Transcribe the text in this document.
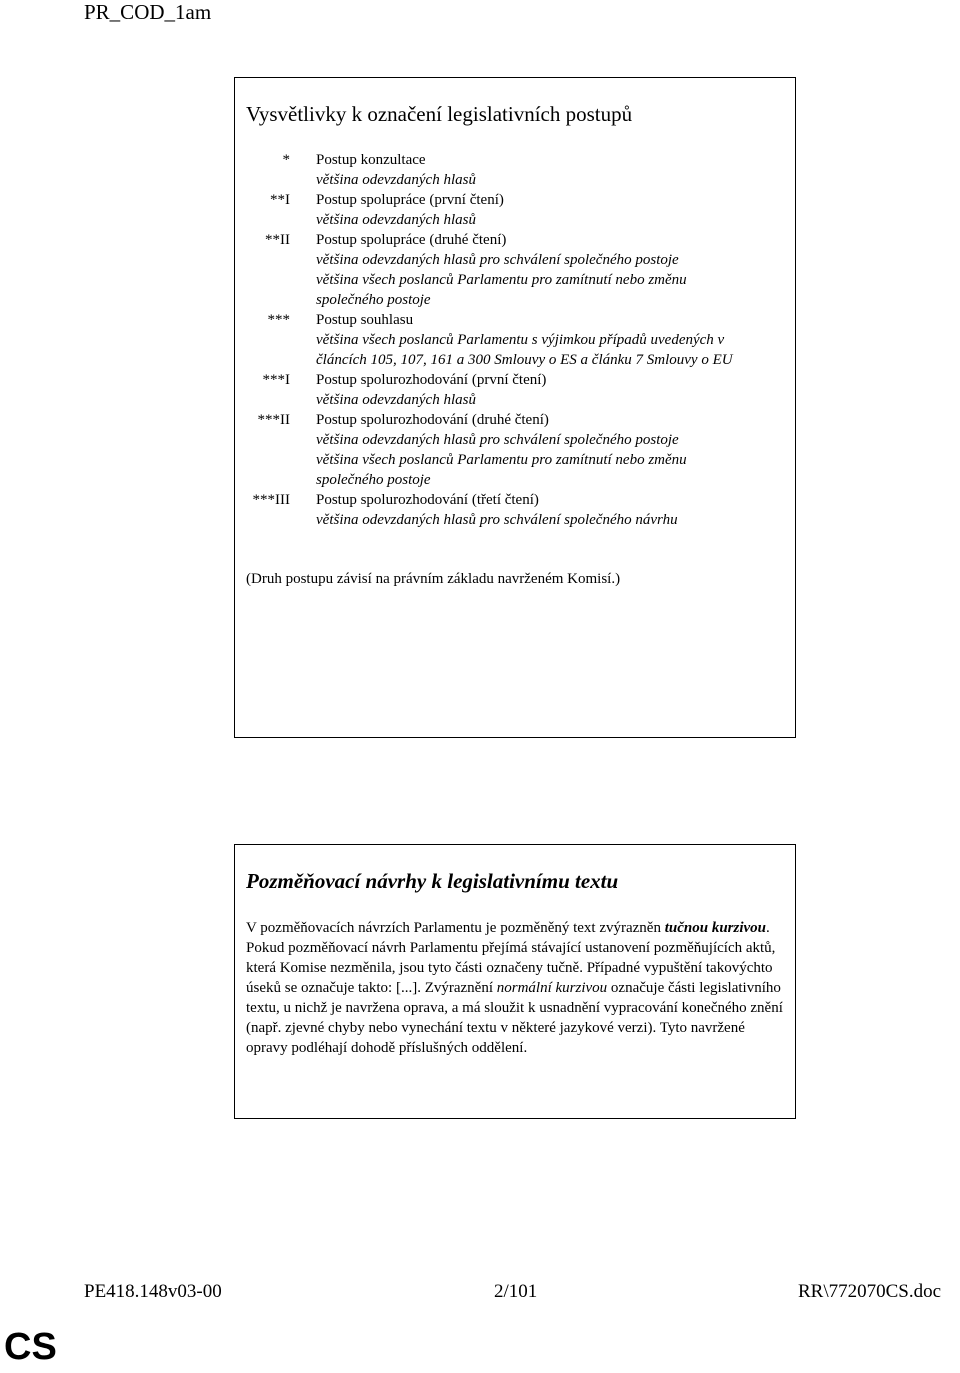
PR_COD_1am
Vysvětlivky k označení legislativních postupů
* Postup konzultace
většina odevzdaných hlasů
**I Postup spolupráce (první čtení)
většina odevzdaných hlasů
**II Postup spolupráce (druhé čtení)
většina odevzdaných hlasů pro schválení společného postoje
většina všech poslanců Parlamentu pro zamítnutí nebo změnu společného postoje
*** Postup souhlasu
většina všech poslanců Parlamentu s výjimkou případů uvedených v článcích 105, 107, 161 a 300 Smlouvy o ES a článku 7 Smlouvy o EU
***I Postup spolurozhodování (první čtení)
většina odevzdaných hlasů
***II Postup spolurozhodování (druhé čtení)
většina odevzdaných hlasů pro schválení společného postoje
většina všech poslanců Parlamentu pro zamítnutí nebo změnu společného postoje
***III Postup spolurozhodování (třetí čtení)
většina odevzdaných hlasů pro schválení společného návrhu
(Druh postupu závisí na právním základu navrženém Komisí.)
Pozměňovací návrhy k legislativnímu textu
V pozměňovacích návrzích Parlamentu je pozměněný text zvýrazněn tučnou kurzivou. Pokud pozměňovací návrh Parlamentu přejímá stávající ustanovení pozměňujících aktů, která Komise nezměnila, jsou tyto části označeny tučně. Případné vypuštění takovýchto úseků se označuje takto: [...]. Zvýraznění normální kurzivou označuje části legislativního textu, u nichž je navržena oprava, a má sloužit k usnadnění vypracování konečného znění (např. zjevné chyby nebo vynechání textu v některé jazykové verzi). Tyto navržené opravy podléhají dohodě příslušných oddělení.
PE418.148v03-00	2/101	RR\772070CS.doc
CS
